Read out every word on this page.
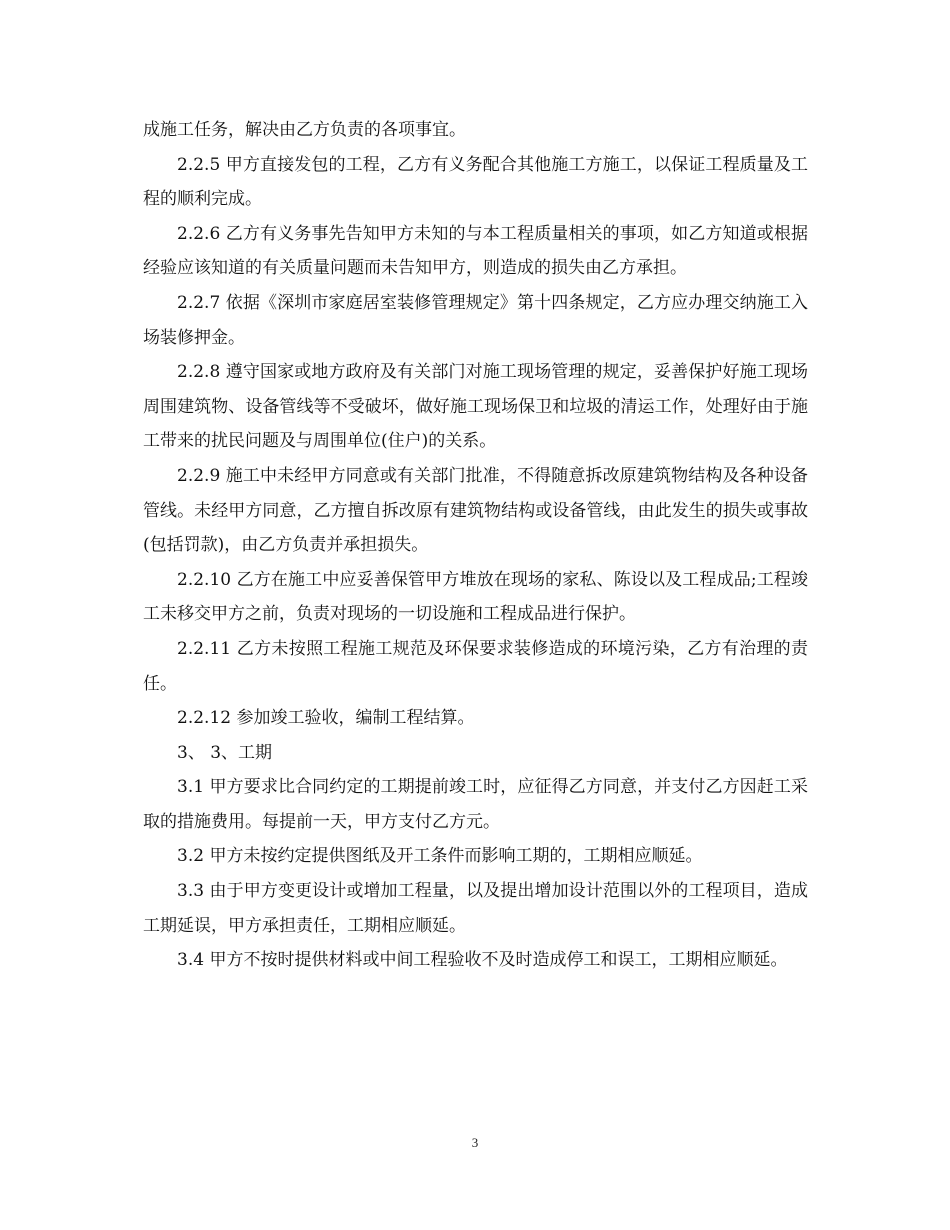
成施工任务，解决由乙方负责的各项事宜。

2.2.5 甲方直接发包的工程，乙方有义务配合其他施工方施工，以保证工程质量及工程的顺利完成。

2.2.6 乙方有义务事先告知甲方未知的与本工程质量相关的事项，如乙方知道或根据经验应该知道的有关质量问题而未告知甲方，则造成的损失由乙方承担。

2.2.7 依据《深圳市家庭居室装修管理规定》第十四条规定，乙方应办理交纳施工入场装修押金。

2.2.8 遵守国家或地方政府及有关部门对施工现场管理的规定，妥善保护好施工现场周围建筑物、设备管线等不受破坏，做好施工现场保卫和垃圾的清运工作，处理好由于施工带来的扰民问题及与周围单位(住户)的关系。

2.2.9 施工中未经甲方同意或有关部门批准，不得随意拆改原建筑物结构及各种设备管线。未经甲方同意，乙方擅自拆改原有建筑物结构或设备管线，由此发生的损失或事故(包括罚款)，由乙方负责并承担损失。

2.2.10 乙方在施工中应妥善保管甲方堆放在现场的家私、陈设以及工程成品;工程竣工未移交甲方之前，负责对现场的一切设施和工程成品进行保护。

2.2.11 乙方未按照工程施工规范及环保要求装修造成的环境污染，乙方有治理的责任。

2.2.12 参加竣工验收，编制工程结算。

3、 3、工期

3.1 甲方要求比合同约定的工期提前竣工时，应征得乙方同意，并支付乙方因赶工采取的措施费用。每提前一天，甲方支付乙方元。

3.2 甲方未按约定提供图纸及开工条件而影响工期的，工期相应顺延。

3.3 由于甲方变更设计或增加工程量，以及提出增加设计范围以外的工程项目，造成工期延误，甲方承担责任，工期相应顺延。

3.4 甲方不按时提供材料或中间工程验收不及时造成停工和误工，工期相应顺延。

3
